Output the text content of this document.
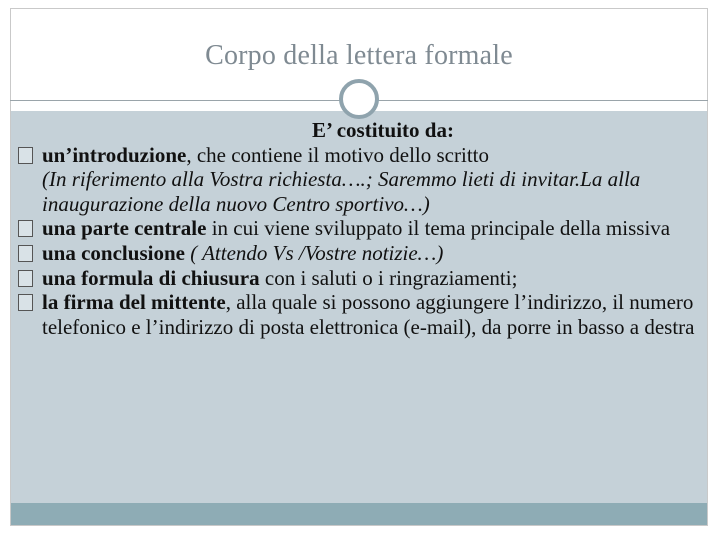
Corpo della lettera formale
E’ costituito da:
un’introduzione, che contiene il motivo dello scritto
(In riferimento alla Vostra richiesta….; Saremmo lieti di invitar.La alla inaugurazione della nuovo Centro sportivo…)
una parte centrale in cui viene sviluppato il tema principale della missiva
una conclusione ( Attendo Vs /Vostre notizie…)
una formula di chiusura con i saluti o i ringraziamenti;
la firma del mittente, alla quale si possono aggiungere l’indirizzo, il numero telefonico e l’indirizzo di posta elettronica (e-mail), da porre in basso a destra
